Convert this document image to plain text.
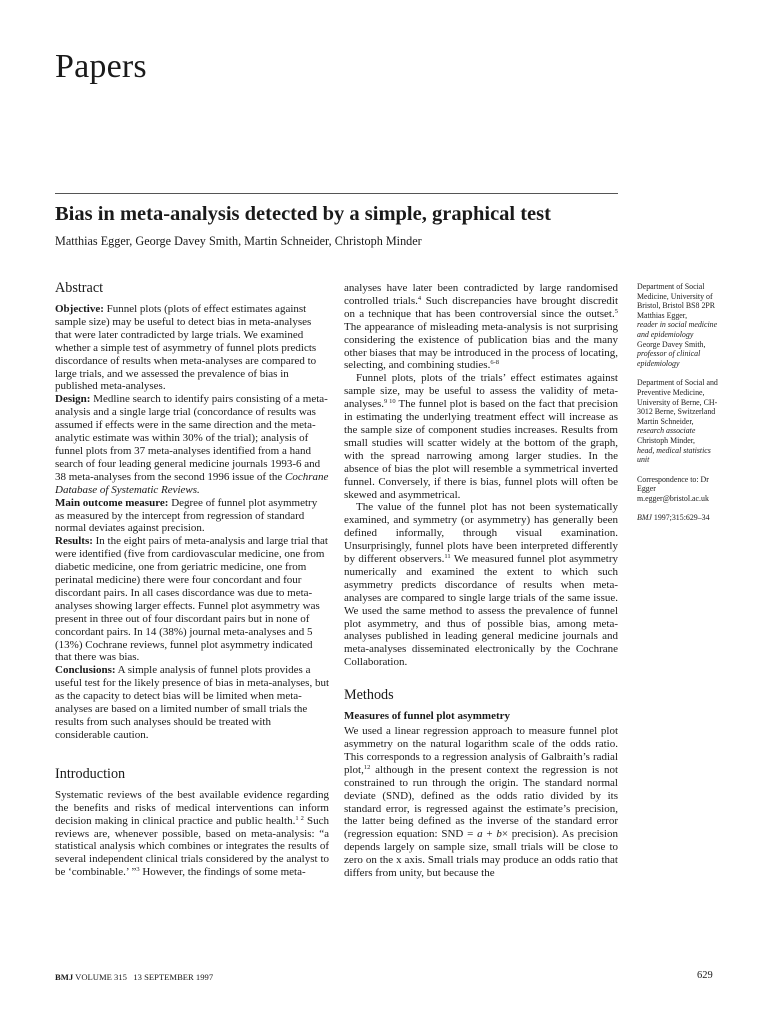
Papers
Bias in meta-analysis detected by a simple, graphical test
Matthias Egger, George Davey Smith, Martin Schneider, Christoph Minder
Abstract

Objective: Funnel plots (plots of effect estimates against sample size) may be useful to detect bias in meta-analyses that were later contradicted by large trials. We examined whether a simple test of asymmetry of funnel plots predicts discordance of results when meta-analyses are compared to large trials, and we assessed the prevalence of bias in published meta-analyses.

Design: Medline search to identify pairs consisting of a meta-analysis and a single large trial (concordance of results was assumed if effects were in the same direction and the meta-analytic estimate was within 30% of the trial); analysis of funnel plots from 37 meta-analyses identified from a hand search of four leading general medicine journals 1993-6 and 38 meta-analyses from the second 1996 issue of the Cochrane Database of Systematic Reviews.

Main outcome measure: Degree of funnel plot asymmetry as measured by the intercept from regression of standard normal deviates against precision.

Results: In the eight pairs of meta-analysis and large trial that were identified (five from cardiovascular medicine, one from diabetic medicine, one from geriatric medicine, one from perinatal medicine) there were four concordant and four discordant pairs. In all cases discordance was due to meta-analyses showing larger effects. Funnel plot asymmetry was present in three out of four discordant pairs but in none of concordant pairs. In 14 (38%) journal meta-analyses and 5 (13%) Cochrane reviews, funnel plot asymmetry indicated that there was bias.

Conclusions: A simple analysis of funnel plots provides a useful test for the likely presence of bias in meta-analyses, but as the capacity to detect bias will be limited when meta-analyses are based on a limited number of small trials the results from such analyses should be treated with considerable caution.

Introduction

Systematic reviews of the best available evidence regarding the benefits and risks of medical interventions can inform decision making in clinical practice and public health.$^{1 2}$ Such reviews are, whenever possible, based on meta-analysis: “a statistical analysis which combines or integrates the results of several independent clinical trials considered by the analyst to be ‘combinable.’ ”$^3$ However, the findings of some meta-

analyses have later been contradicted by large randomised controlled trials.$^4$ Such discrepancies have brought discredit on a technique that has been controversial since the outset.$^5$ The appearance of misleading meta-analysis is not surprising considering the existence of publication bias and the many other biases that may be introduced in the process of locating, selecting, and combining studies.$^{6-8}$

Funnel plots, plots of the trials’ effect estimates against sample size, may be useful to assess the validity of meta-analyses.$^{9 10}$ The funnel plot is based on the fact that precision in estimating the underlying treatment effect will increase as the sample size of component studies increases. Results from small studies will scatter widely at the bottom of the graph, with the spread narrowing among larger studies. In the absence of bias the plot will resemble a symmetrical inverted funnel. Conversely, if there is bias, funnel plots will often be skewed and asymmetrical.

The value of the funnel plot has not been systematically examined, and symmetry (or asymmetry) has generally been defined informally, through visual examination. Unsurprisingly, funnel plots have been interpreted differently by different observers.$^{11}$ We measured funnel plot asymmetry numerically and examined the extent to which such asymmetry predicts discordance of results when meta-analyses are compared to single large trials of the same issue. We used the same method to assess the prevalence of funnel plot asymmetry, and thus of possible bias, among meta-analyses published in leading general medicine journals and meta-analyses disseminated electronically by the Cochrane Collaboration.

Methods
Measures of funnel plot asymmetry

We used a linear regression approach to measure funnel plot asymmetry on the natural logarithm scale of the odds ratio. This corresponds to a regression analysis of Galbraith’s radial plot,$^{12}$ although in the present context the regression is not constrained to run through the origin. The standard normal deviate (SND), defined as the odds ratio divided by its standard error, is regressed against the estimate’s precision, the latter being defined as the inverse of the standard error (regression equation: SND = a + b× precision). As precision depends largely on sample size, small trials will be close to zero on the x axis. Small trials may produce an odds ratio that differs from unity, but because the

Department of Social Medicine, University of Bristol, Bristol BS8 2PR

Matthias Egger,

reader in social medicine and epidemiology

George Davey Smith,

professor of clinical epidemiology

Department of Social and Preventive Medicine, University of Berne, CH-3012 Berne, Switzerland

Martin Schneider,

research associate

Christoph Minder,

head, medical statistics unit

Correspondence to: Dr Egger

m.egger@bristol.ac.uk

BMJ 1997;315:629–34

BMJ VOLUME 315   13 SEPTEMBER 1997	629
